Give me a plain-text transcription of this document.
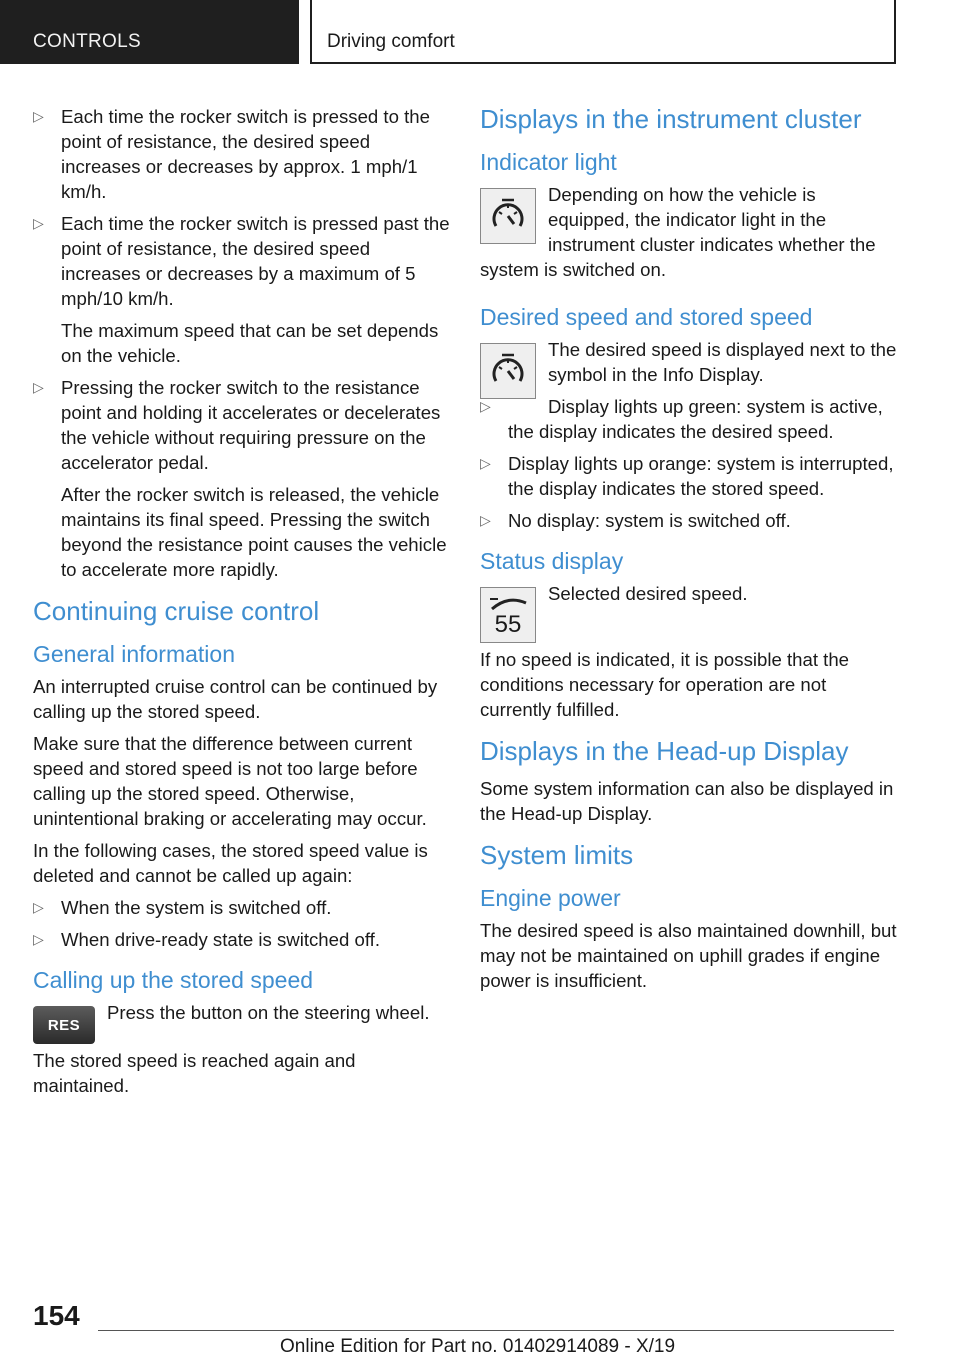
CONTROLS	Driving comfort
▷ Each time the rocker switch is pressed to the point of resistance, the desired speed increases or decreases by approx. 1 mph/1 km/h.
▷ Each time the rocker switch is pressed past the point of resistance, the desired speed increases or decreases by a maximum of 5 mph/10 km/h.

The maximum speed that can be set depends on the vehicle.

▷ Pressing the rocker switch to the resistance point and holding it accelerates or decelerates the vehicle without requiring pressure on the accelerator pedal.

After the rocker switch is released, the vehicle maintains its final speed. Pressing the switch beyond the resistance point causes the vehicle to accelerate more rapidly.

Continuing cruise control
General information

An interrupted cruise control can be continued by calling up the stored speed.

Make sure that the difference between current speed and stored speed is not too large before calling up the stored speed. Otherwise, unintentional braking or accelerating may occur.

In the following cases, the stored speed value is deleted and cannot be called up again:

▷ When the system is switched off.
▷ When drive-ready state is switched off.
Calling up the stored speed
RES

Press the button on the steering wheel.

The stored speed is reached again and maintained.

Displays in the instrument cluster
Indicator light

Depending on how the vehicle is equipped, the indicator light in the instrument cluster indicates whether the system is switched on.

Desired speed and stored speed

The desired speed is displayed next to the symbol in the Info Display.

▷	Display lights up green: system is active, the display indicates the desired speed.
▷ Display lights up orange: system is interrupted, the display indicates the stored speed.
▷ No display: system is switched off.
Status display
55

Selected desired speed.

If no speed is indicated, it is possible that the conditions necessary for operation are not currently fulfilled.

Displays in the Head-up Display

Some system information can also be displayed in the Head-up Display.

System limits
Engine power

The desired speed is also maintained downhill, but may not be maintained on uphill grades if engine power is insufficient.

154
Online Edition for Part no. 01402914089 - X/19
